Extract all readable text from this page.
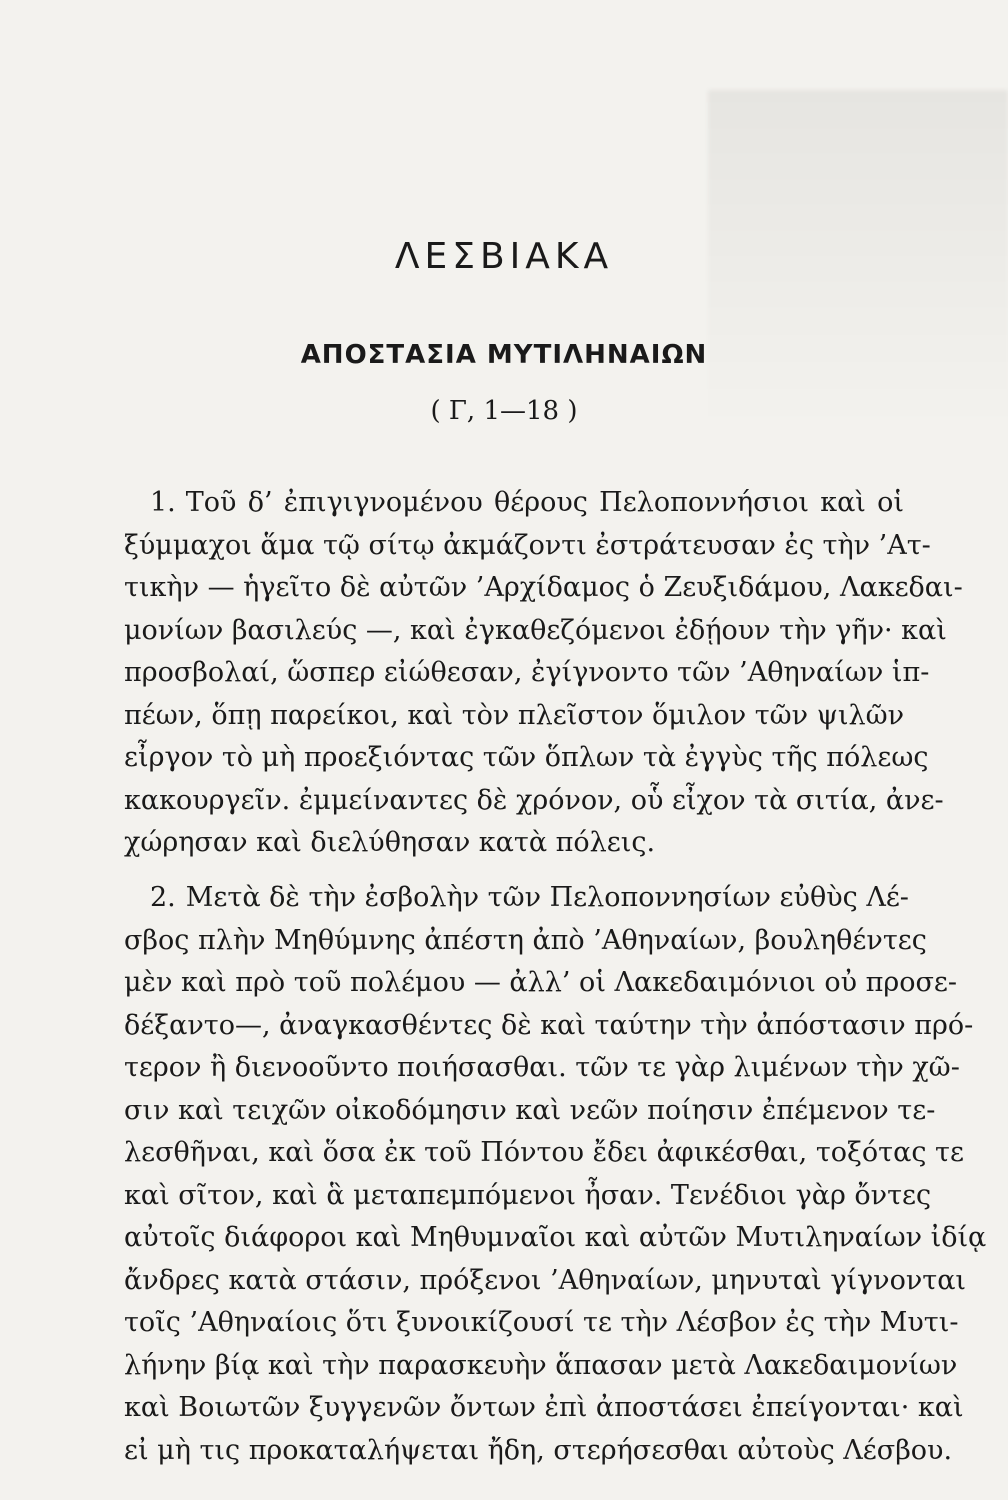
ΛΕΣΒΙΑΚΑ
ΑΠΟΣΤΑΣΙΑ ΜΥΤΙΛΗΝΑΙΩΝ
( Γ, 1—18 )
1. Τοῦ δ’ ἐπιγιγνομένου θέρους Πελοποννήσιοι καὶ οἱ
ξύμμαχοι ἅμα τῷ σίτῳ ἀκμάζοντι ἐστράτευσαν ἐς τὴν ’Ατ-
τικὴν — ἡγεῖτο δὲ αὐτῶν ’Αρχίδαμος ὁ Ζευξιδάμου, Λακεδαι-
μονίων βασιλεύς —, καὶ ἐγκαθεζόμενοι ἐδῄουν τὴν γῆν· καὶ
προσβολαί, ὥσπερ εἰώθεσαν, ἐγίγνοντο τῶν ’Αθηναίων ἱπ-
πέων, ὅπῃ παρείκοι, καὶ τὸν πλεῖστον ὅμιλον τῶν ψιλῶν
εἶργον τὸ μὴ προεξιόντας τῶν ὅπλων τὰ ἐγγὺς τῆς πόλεως
κακουργεῖν. ἐμμείναντες δὲ χρόνον, οὗ εἶχον τὰ σιτία, ἀνε-
χώρησαν καὶ διελύθησαν κατὰ πόλεις.
2. Μετὰ δὲ τὴν ἐσβολὴν τῶν Πελοποννησίων εὐθὺς Λέ-
σβος πλὴν Μηθύμνης ἀπέστη ἀπὸ ’Αθηναίων, βουληθέντες
μὲν καὶ πρὸ τοῦ πολέμου — ἀλλ’ οἱ Λακεδαιμόνιοι οὐ προσε-
δέξαντο—, ἀναγκασθέντες δὲ καὶ ταύτην τὴν ἀπόστασιν πρό-
τερον ἢ διενοοῦντο ποιήσασθαι. τῶν τε γὰρ λιμένων τὴν χῶ-
σιν καὶ τειχῶν οἰκοδόμησιν καὶ νεῶν ποίησιν ἐπέμενον τε-
λεσθῆναι, καὶ ὅσα ἐκ τοῦ Πόντου ἔδει ἀφικέσθαι, τοξότας τε
καὶ σῖτον, καὶ ἃ μεταπεμπόμενοι ἦσαν. Τενέδιοι γὰρ ὄντες
αὐτοῖς διάφοροι καὶ Μηθυμναῖοι καὶ αὐτῶν Μυτιληναίων ἰδίᾳ
ἄνδρες κατὰ στάσιν, πρόξενοι ’Αθηναίων, μηνυταὶ γίγνονται
τοῖς ’Αθηναίοις ὅτι ξυνοικίζουσί τε τὴν Λέσβον ἐς τὴν Μυτι-
λήνην βίᾳ καὶ τὴν παρασκευὴν ἅπασαν μετὰ Λακεδαιμονίων
καὶ Βοιωτῶν ξυγγενῶν ὄντων ἐπὶ ἀποστάσει ἐπείγονται· καὶ
εἰ μὴ τις προκαταλήψεται ἤδη, στερήσεσθαι αὐτοὺς Λέσβου.
